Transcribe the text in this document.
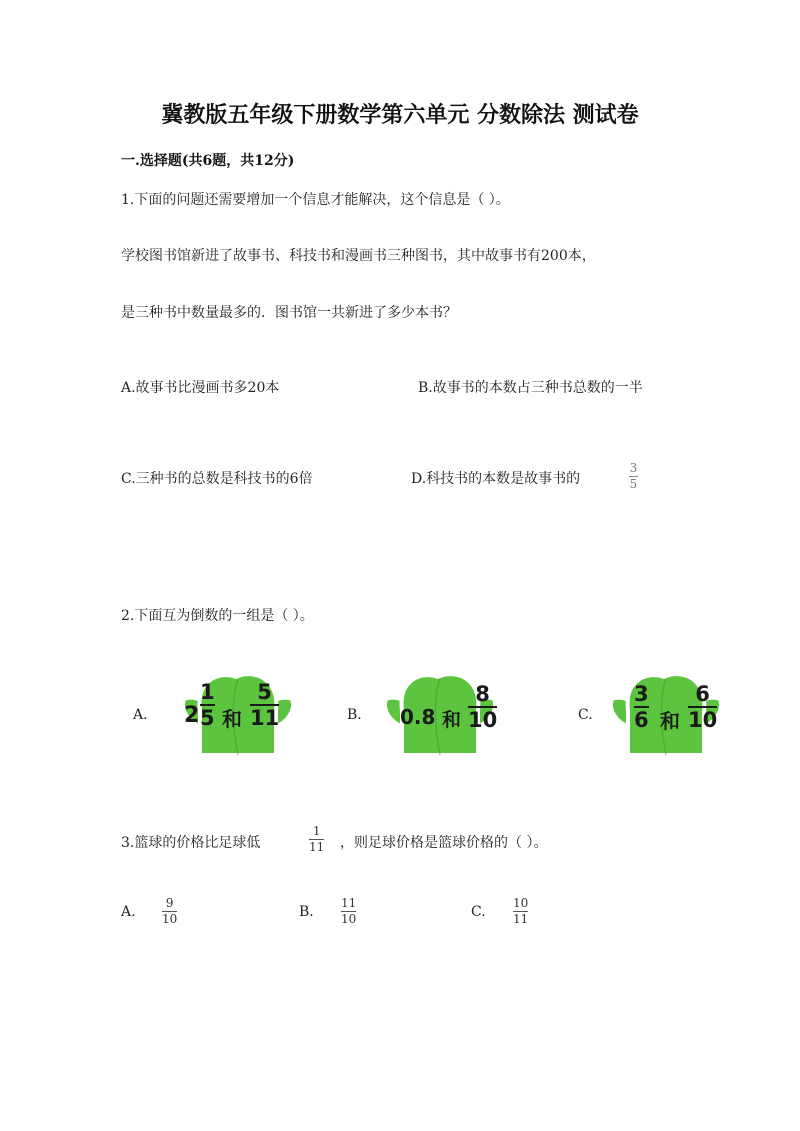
冀教版五年级下册数学第六单元 分数除法 测试卷
一.选择题(共6题，共12分)
1.下面的问题还需要增加一个信息才能解决，这个信息是（ ）。
学校图书馆新进了故事书、科技书和漫画书三种图书，其中故事书有200本，
是三种书中数量最多的．图书馆一共新进了多少本书？
A.故事书比漫画书多20本	B.故事书的本数占三种书总数的一半
C.三种书的总数是科技书的6倍	D.科技书的本数是故事书的
3
5
2.下面互为倒数的一组是（ ）。
A. 2
1
5 和
5
11	B. 0.8 和
8
10	C.
3
6 和
6
10
3.篮球的价格比足球低
1
11 ，则足球价格是篮球价格的（ ）。
A.
9
10	B.
11
10	C.
10
11
